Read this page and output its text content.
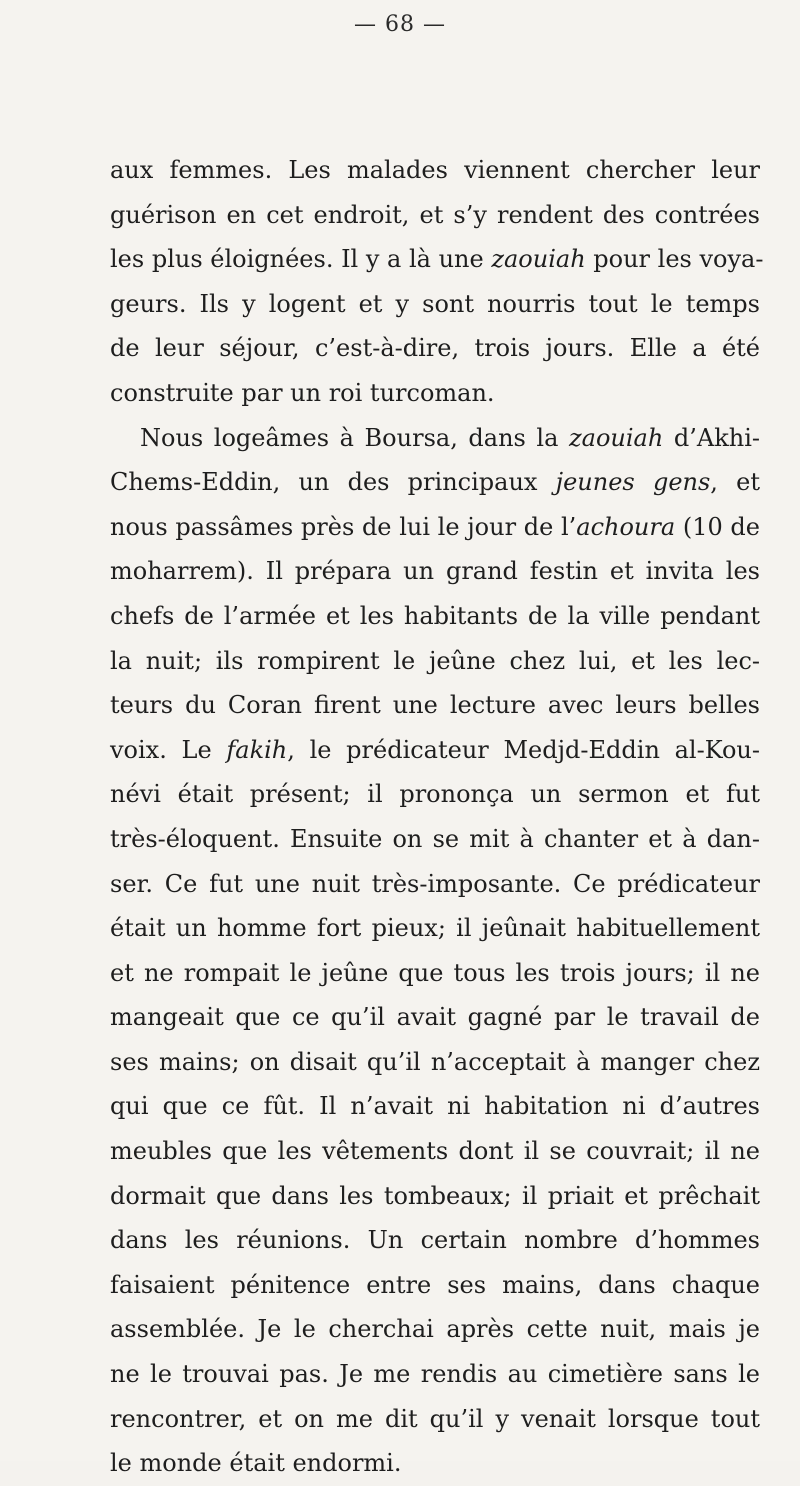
— 68 —
aux femmes. Les malades viennent chercher leur
guérison en cet endroit, et s’y rendent des contrées
les plus éloignées. Il y a là une zaouiah pour les voya-
geurs. Ils y logent et y sont nourris tout le temps
de leur séjour, c’est-à-dire, trois jours. Elle a été
construite par un roi turcoman.
Nous logeâmes à Boursa, dans la zaouiah d’Akhi-
Chems-Eddin, un des principaux jeunes gens, et
nous passâmes près de lui le jour de l’achoura (10 de
moharrem). Il prépara un grand festin et invita les
chefs de l’armée et les habitants de la ville pendant
la nuit; ils rompirent le jeûne chez lui, et les lec-
teurs du Coran firent une lecture avec leurs belles
voix. Le fakih, le prédicateur Medjd-Eddin al-Kou-
névi était présent; il prononça un sermon et fut
très-éloquent. Ensuite on se mit à chanter et à dan-
ser. Ce fut une nuit très-imposante. Ce prédicateur
était un homme fort pieux; il jeûnait habituellement
et ne rompait le jeûne que tous les trois jours; il ne
mangeait que ce qu’il avait gagné par le travail de
ses mains; on disait qu’il n’acceptait à manger chez
qui que ce fût. Il n’avait ni habitation ni d’autres
meubles que les vêtements dont il se couvrait; il ne
dormait que dans les tombeaux; il priait et prêchait
dans les réunions. Un certain nombre d’hommes
faisaient pénitence entre ses mains, dans chaque
assemblée. Je le cherchai après cette nuit, mais je
ne le trouvai pas. Je me rendis au cimetière sans le
rencontrer, et on me dit qu’il y venait lorsque tout
le monde était endormi.
